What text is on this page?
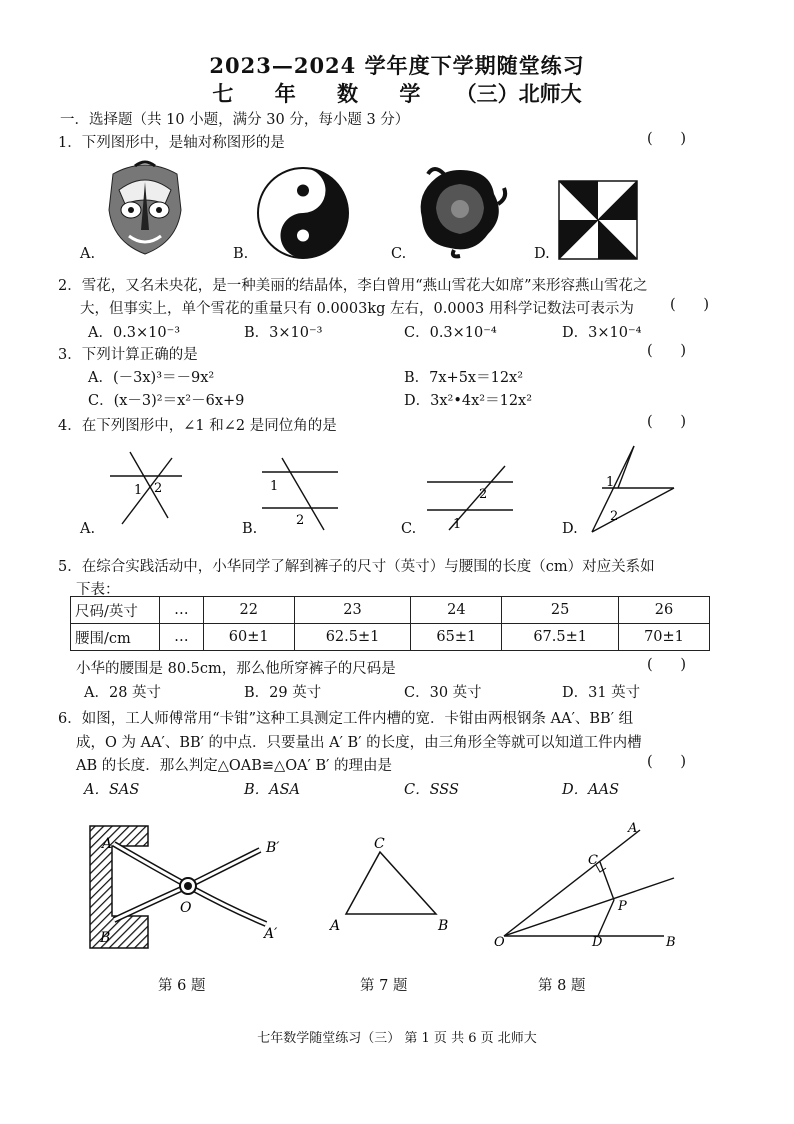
2023—2024 学年度下学期随堂练习
七 年 数 学 （三）北师大
一．选择题（共 10 小题，满分 30 分，每小题 3 分）
1．下列图形中，是轴对称图形的是	(      )
A.	B.	C.	D.
2．雪花，又名未央花，是一种美丽的结晶体，李白曾用“燕山雪花大如席”来形容燕山雪花之
大，但事实上，单个雪花的重量只有 0.0003kg 左右，0.0003 用科学记数法可表示为 (      )
A．0.3×10⁻³	B．3×10⁻³	C．0.3×10⁻⁴	D．3×10⁻⁴
3．下列计算正确的是	(      )
A．(－3x)³＝－9x²	B．7x+5x＝12x²
C．(x－3)²＝x²－6x+9	D．3x²•4x²＝12x²
4．在下列图形中，∠1 和∠2 是同位角的是	(      )
1 2	1
2
2
1
1
2
A.	B.	C.	D.
5．在综合实践活动中，小华同学了解到裤子的尺寸（英寸）与腰围的长度（cm）对应关系如
下表：
尺码/英寸	…	22	23	24	25	26
腰围/cm	…	60±1	62.5±1	65±1	67.5±1	70±1
小华的腰围是 80.5cm，那么他所穿裤子的尺码是	(      )
A．28 英寸	B．29 英寸	C．30 英寸	D．31 英寸
6．如图，工人师傅常用“卡钳”这种工具测定工件内槽的宽．卡钳由两根钢条 AA′、BB′ 组
成，O 为 AA′、BB′ 的中点．只要量出 A′ B′ 的长度，由三角形全等就可以知道工件内槽
AB 的长度．那么判定△OAB≌△OA′ B′ 的理由是	(      )
A．SAS	B．ASA	C．SSS	D．AAS
A
B
O
B′
A′
C
A	B
A
C
P
O	D	B
第 6 题	第 7 题	第 8 题
七年数学随堂练习（三） 第 1 页 共 6 页 北师大
